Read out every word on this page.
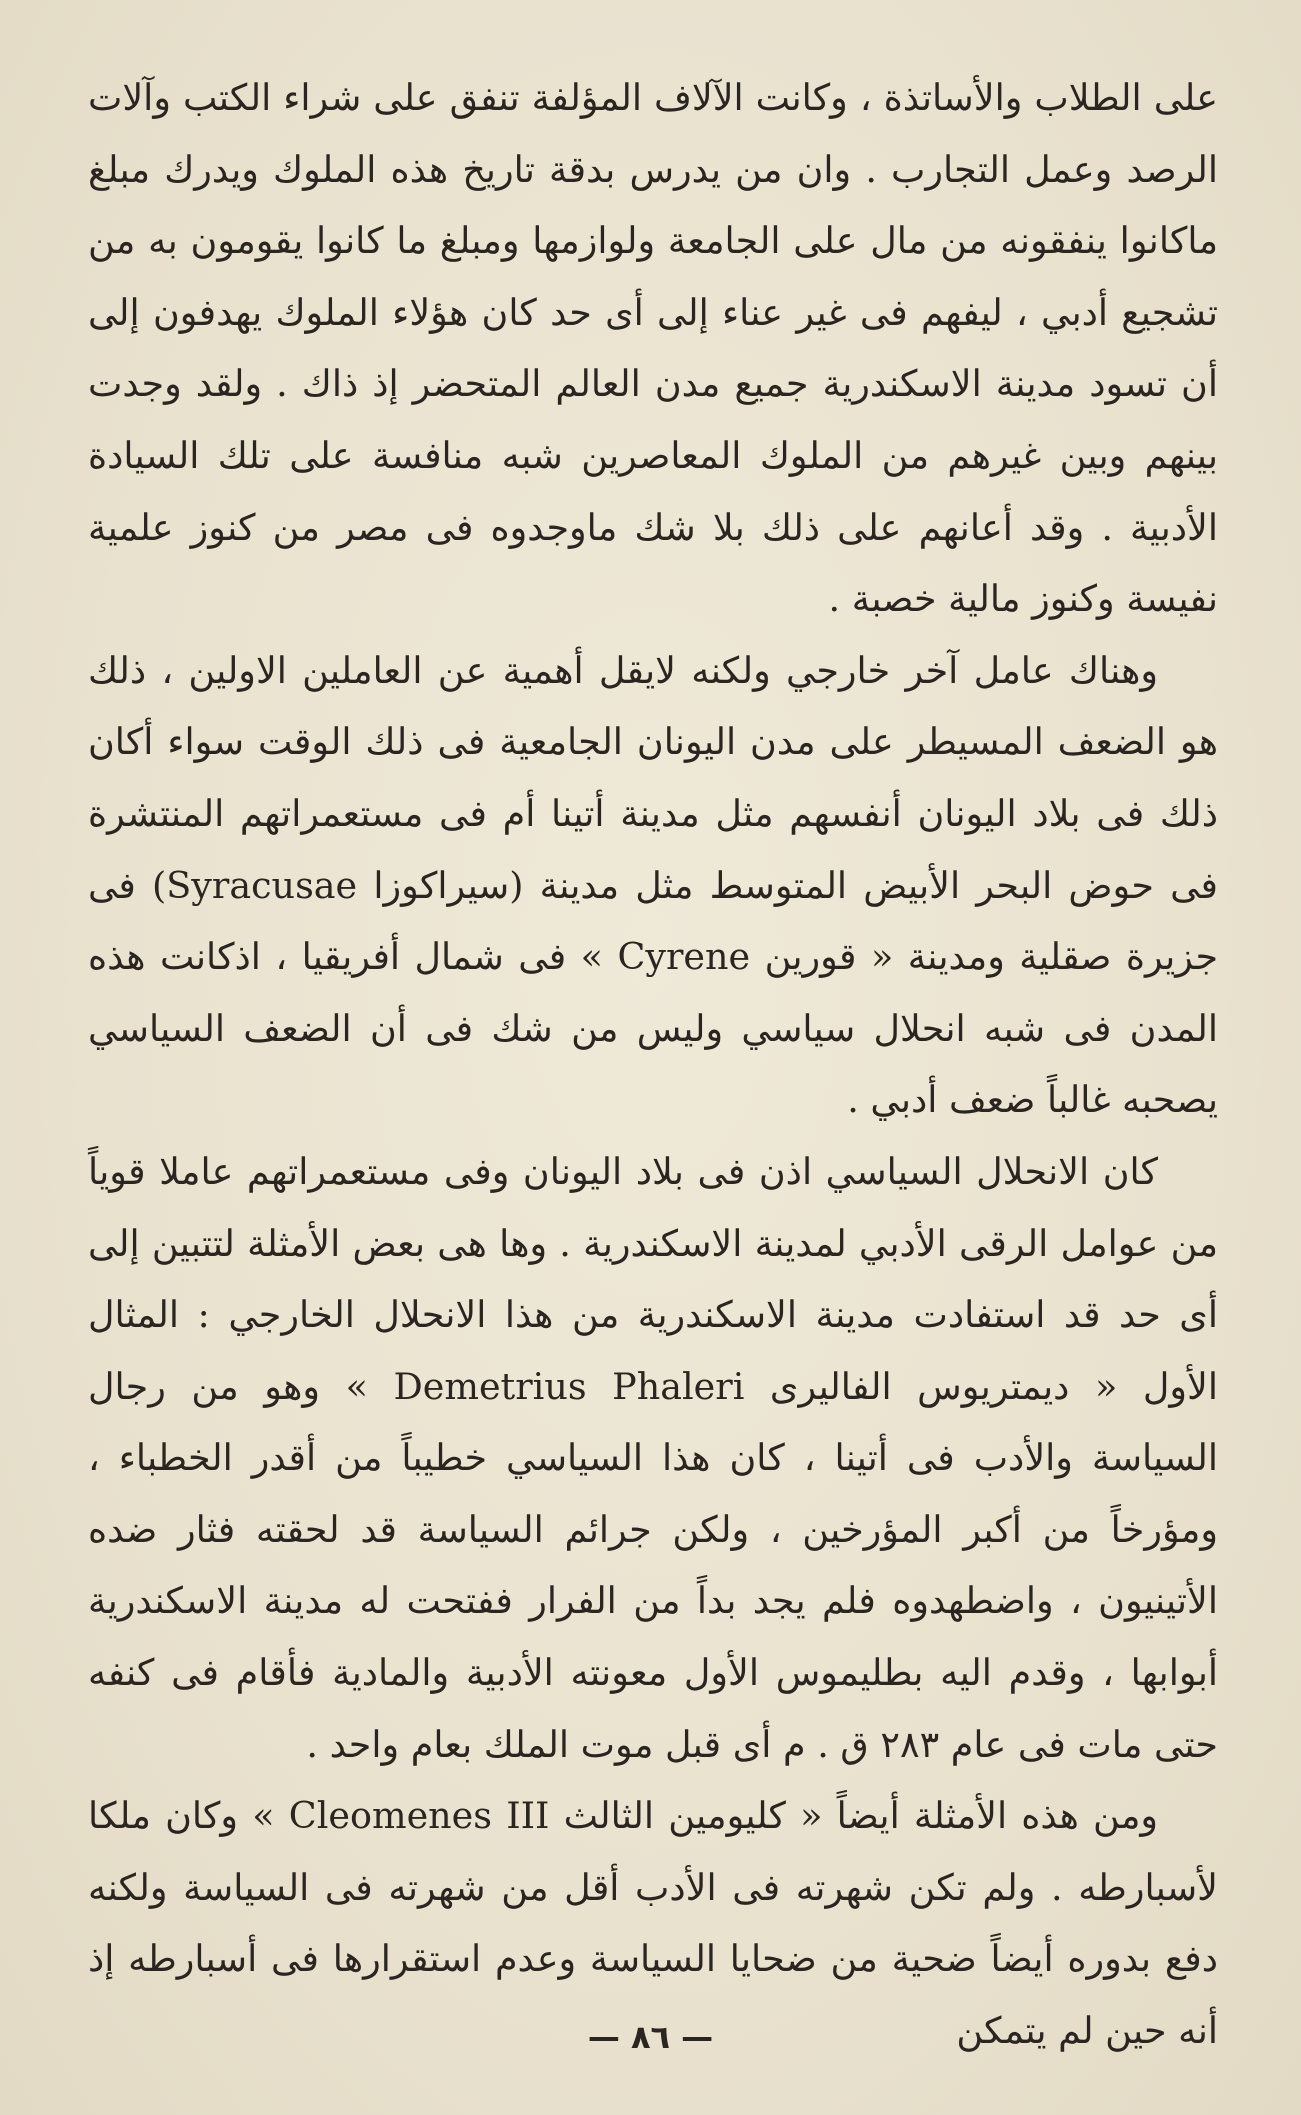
على الطلاب والأساتذة ، وكانت الآلاف المؤلفة تنفق على شراء الكتب وآلات الرصد وعمل التجارب . وان من يدرس بدقة تاريخ هذه الملوك ويدرك مبلغ ماكانوا ينفقونه من مال على الجامعة ولوازمها ومبلغ ما كانوا يقومون به من تشجيع أدبي ، ليفهم فى غير عناء إلى أى حد كان هؤلاء الملوك يهدفون إلى أن تسود مدينة الاسكندرية جميع مدن العالم المتحضر إذ ذاك . ولقد وجدت بينهم وبين غيرهم من الملوك المعاصرين شبه منافسة على تلك السيادة الأدبية . وقد أعانهم على ذلك بلا شك ماوجدوه فى مصر من كنوز علمية نفيسة وكنوز مالية خصبة .

وهناك عامل آخر خارجي ولكنه لايقل أهمية عن العاملين الاولين ، ذلك هو الضعف المسيطر على مدن اليونان الجامعية فى ذلك الوقت سواء أكان ذلك فى بلاد اليونان أنفسهم مثل مدينة أتينا أم فى مستعمراتهم المنتشرة فى حوض البحر الأبيض المتوسط مثل مدينة (سيراكوزا Syracusae) فى جزيرة صقلية ومدينة « قورين Cyrene » فى شمال أفريقيا ، اذكانت هذه المدن فى شبه انحلال سياسي وليس من شك فى أن الضعف السياسي يصحبه غالباً ضعف أدبي .

كان الانحلال السياسي اذن فى بلاد اليونان وفى مستعمراتهم عاملا قوياً من عوامل الرقى الأدبي لمدينة الاسكندرية . وها هى بعض الأمثلة لتتبين إلى أى حد قد استفادت مدينة الاسكندرية من هذا الانحلال الخارجي : المثال الأول « ديمتريوس الفاليرى Demetrius Phaleri » وهو من رجال السياسة والأدب فى أتينا ، كان هذا السياسي خطيباً من أقدر الخطباء ، ومؤرخاً من أكبر المؤرخين ، ولكن جرائم السياسة قد لحقته فثار ضده الأتينيون ، واضطهدوه فلم يجد بداً من الفرار ففتحت له مدينة الاسكندرية أبوابها ، وقدم اليه بطليموس الأول معونته الأدبية والمادية فأقام فى كنفه حتى مات فى عام ٢٨٣ ق . م أى قبل موت الملك بعام واحد .

ومن هذه الأمثلة أيضاً « كليومين الثالث Cleomenes III » وكان ملكا لأسبارطه . ولم تكن شهرته فى الأدب أقل من شهرته فى السياسة ولكنه دفع بدوره أيضاً ضحية من ضحايا السياسة وعدم استقرارها فى أسبارطه إذ أنه حين لم يتمكن

— ٨٦ —
